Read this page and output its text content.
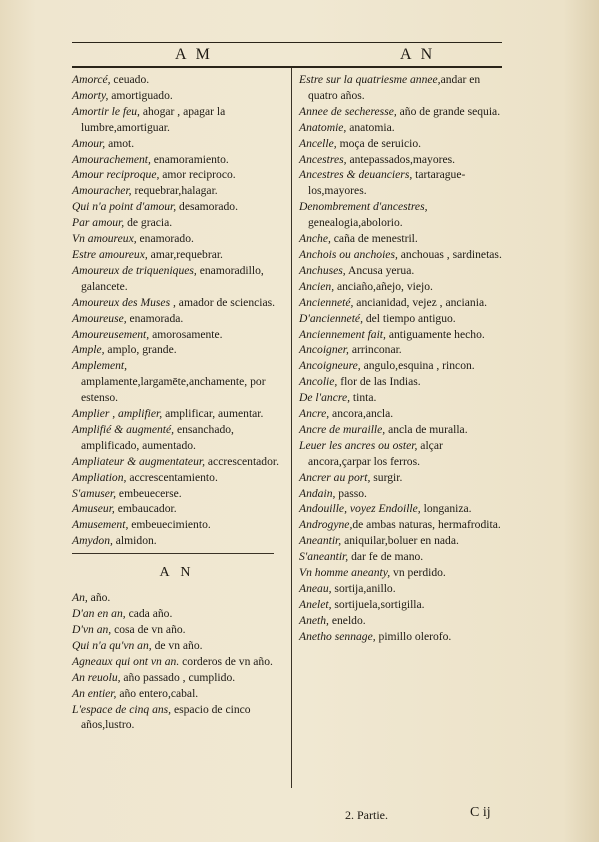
A M	A N
Amorcé, ceuado.
Amorty, amortiguado.
Amortir le feu, ahogar , apagar la lumbre,amortiguar.
Amour, amot.
Amourachement, enamoramiento.
Amour reciproque, amor reciproco.
Amouracher, requebrar,halagar.
Qui n'a point d'amour, desamorado.
Par amour, de gracia.
Vn amoureux, enamorado.
Estre amoureux, amar,requebrar.
Amoureux de triqueniques, enamoradillo, galancete.
Amoureux des Muses , amador de sciencias.
Amoureuse, enamorada.
Amoureusement, amorosamente.
Ample, amplo, grande.
Amplement, amplamente,largamēte,anchamente, por estenso.
Amplier , amplifier, amplificar, aumentar.
Amplifié & augmenté, ensanchado, amplificado, aumentado.
Ampliateur & augmentateur, accrescentador.
Ampliation, accrescentamiento.
S'amuser, embeuecerse.
Amuseur, embaucador.
Amusement, embeuecimiento.
Amydon, almidon.
A N
An, año.
D'an en an, cada año.
D'vn an, cosa de vn año.
Qui n'a qu'vn an, de vn año.
Agneaux qui ont vn an. corderos de vn año.
An reuolu, año passado , cumplido.
An entier, año entero,cabal.
L'espace de cinq ans, espacio de cinco años,lustro.
Estre sur la quatriesme annee,andar en quatro años.
Annee de secheresse, año de grande sequia.
Anatomie, anatomia.
Ancelle, moça de seruicio.
Ancestres, antepassados,mayores.
Ancestres & deuanciers, tartarague-los,mayores.
Denombrement d'ancestres, genealogia,abolorio.
Anche, caña de menestril.
Anchois ou anchoies, anchouas , sardinetas.
Anchuses, Ancusa yerua.
Ancien, anciaño,añejo, viejo.
Ancienneté, ancianidad, vejez , anciania.
D'ancienneté, del tiempo antiguo.
Anciennement fait, antiguamente hecho.
Ancoigner, arrinconar.
Ancoigneure, angulo,esquina , rincon.
Ancolie, flor de las Indias.
De l'ancre, tinta.
Ancre, ancora,ancla.
Ancre de muraille, ancla de muralla.
Leuer les ancres ou oster, alçar ancora,çarpar los ferros.
Ancrer au port, surgir.
Andain, passo.
Andouille, voyez Endoille, longaniza.
Androgyne,de ambas naturas, hermafrodita.
Aneantir, aniquilar,boluer en nada.
S'aneantir, dar fe de mano.
Vn homme aneanty, vn perdido.
Aneau, sortija,anillo.
Anelet, sortijuela,sortigilla.
Aneth, eneldo.
Anetho sennage, pimillo olerofo.
2. Partie.	C ij
